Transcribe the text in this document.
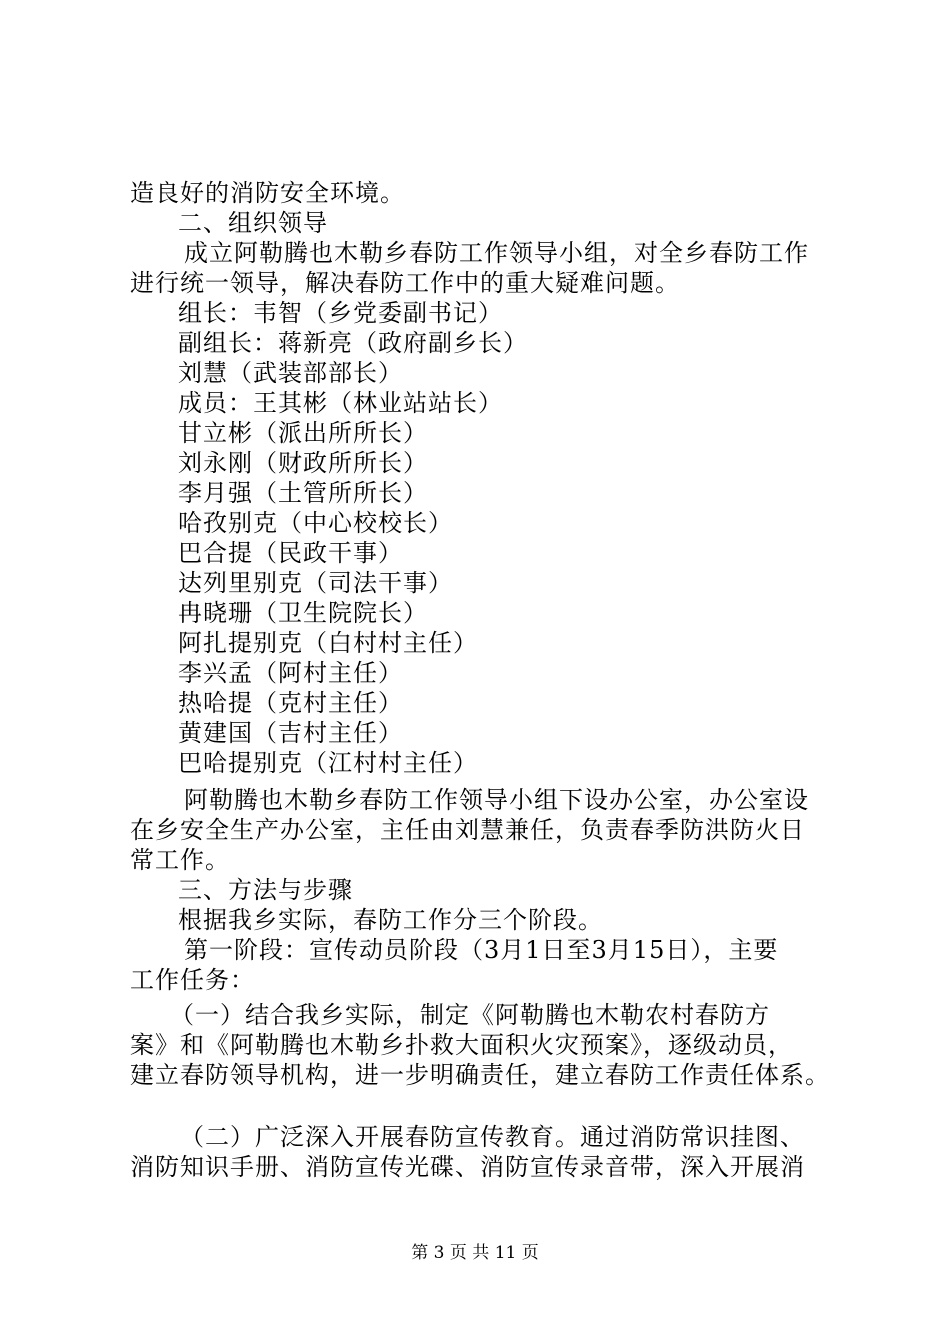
造良好的消防安全环境。
二、组织领导
成立阿勒腾也木勒乡春防工作领导小组，对全乡春防工作
进行统一领导，解决春防工作中的重大疑难问题。
组长：韦智（乡党委副书记）
副组长：蒋新亮（政府副乡长）
刘慧（武装部部长）
成员：王其彬（林业站站长）
甘立彬（派出所所长）
刘永刚（财政所所长）
李月强（土管所所长）
哈孜别克（中心校校长）
巴合提（民政干事）
达列里别克（司法干事）
冉晓珊（卫生院院长）
阿扎提别克（白村村主任）
李兴孟（阿村主任）
热哈提（克村主任）
黄建国（吉村主任）
巴哈提别克（江村村主任）
阿勒腾也木勒乡春防工作领导小组下设办公室，办公室设
在乡安全生产办公室，主任由刘慧兼任，负责春季防洪防火日
常工作。
三、方法与步骤
根据我乡实际，春防工作分三个阶段。
第一阶段：宣传动员阶段（3月1日至3月15日），主要
工作任务：
（一）结合我乡实际，制定《阿勒腾也木勒农村春防方
案》和《阿勒腾也木勒乡扑救大面积火灾预案》，逐级动员，
建立春防领导机构，进一步明确责任，建立春防工作责任体系。
（二）广泛深入开展春防宣传教育。通过消防常识挂图、
消防知识手册、消防宣传光碟、消防宣传录音带，深入开展消
第 3 页 共 11 页
